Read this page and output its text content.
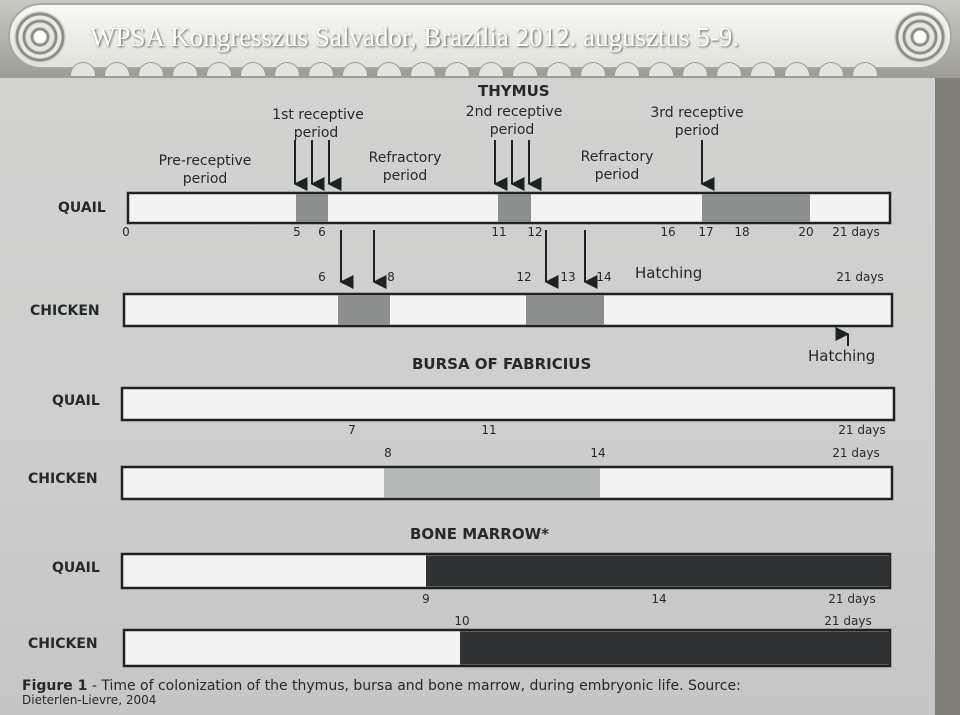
WPSA Kongresszus Salvador, Brazília 2012. augusztus 5-9.
THYMUS
BURSA OF FABRICIUS
BONE MARROW*
Pre-receptive period
1st receptive period
Refractory period
2nd receptive period
Refractory period
3rd receptive period
QUAIL
0	5 6	11 12	16 17 18	20 21 days
CHICKEN
6	8	12 13 14	21 days
QUAIL
7	11	21 days
CHICKEN
8	14	21 days
QUAIL
9	14	21 days
CHICKEN
10	21 days
Hatching
Hatching
Figure 1 - Time of colonization of the thymus, bursa and bone marrow, during embryonic life. Source:
Dieterlen-Lievre, 2004
